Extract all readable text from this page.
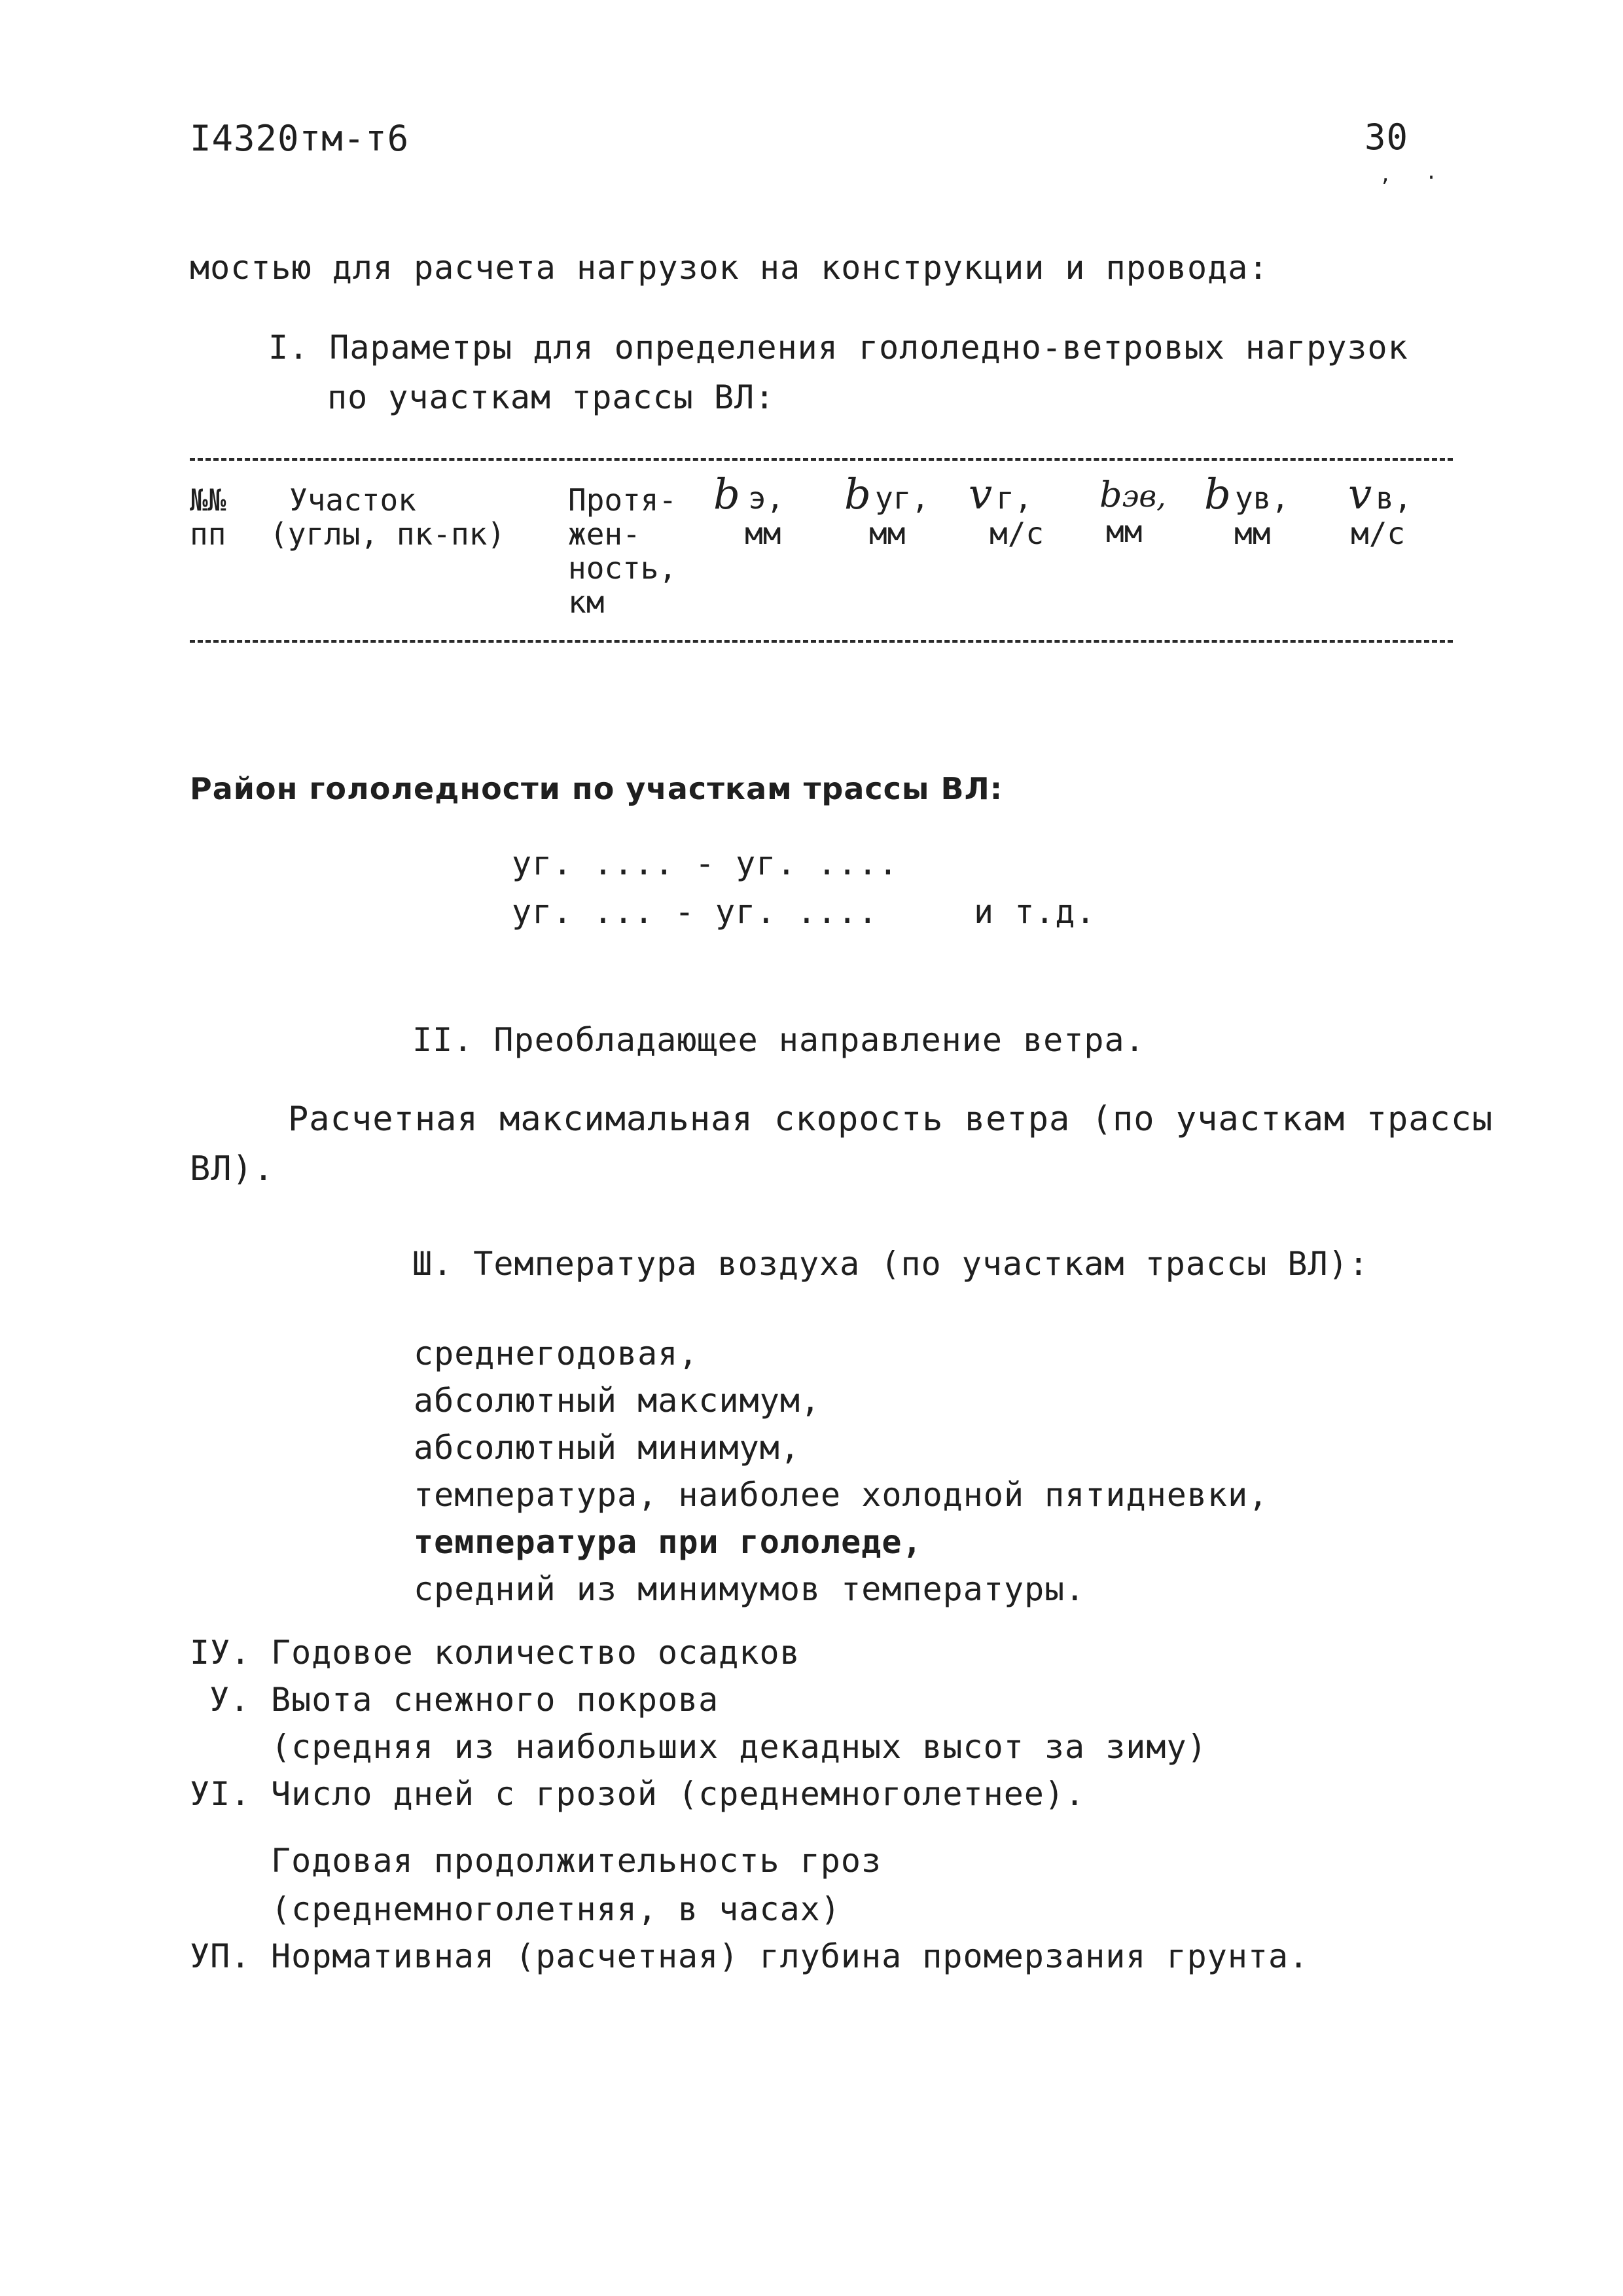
I4320тм-т6	30
, .
мостью для расчета нагрузок на конструкции и провода:
I. Параметры для определения гололедно-ветровых нагрузок
по участкам трассы ВЛ:
№№
пп
Участок
(углы, пк-пк)
Протя-
жен-
ность,
км
b э,
мм
b уг,
мм
v г,
м/с
bэв,
мм
b ув,
мм
v в,
м/с
Район гололедности по участкам трассы ВЛ:
уг. .... - уг. ....
уг. ... - уг. ....	и т.д.
II. Преобладающее направление ветра.
Расчетная максимальная скорость ветра (по участкам трассы
ВЛ).
Ш. Температура воздуха (по участкам трассы ВЛ):
среднегодовая,
абсолютный максимум,
абсолютный минимум,
температура, наиболее холодной пятидневки,
температура при гололеде,
средний из минимумов температуры.
IУ. Годовое количество осадков
У. Выота снежного покрова
(средняя из наибольших декадных высот за зиму)
УI. Число дней с грозой (среднемноголетнее).
Годовая продолжительность гроз
(среднемноголетняя, в часах)
УП. Нормативная (расчетная) глубина промерзания грунта.
